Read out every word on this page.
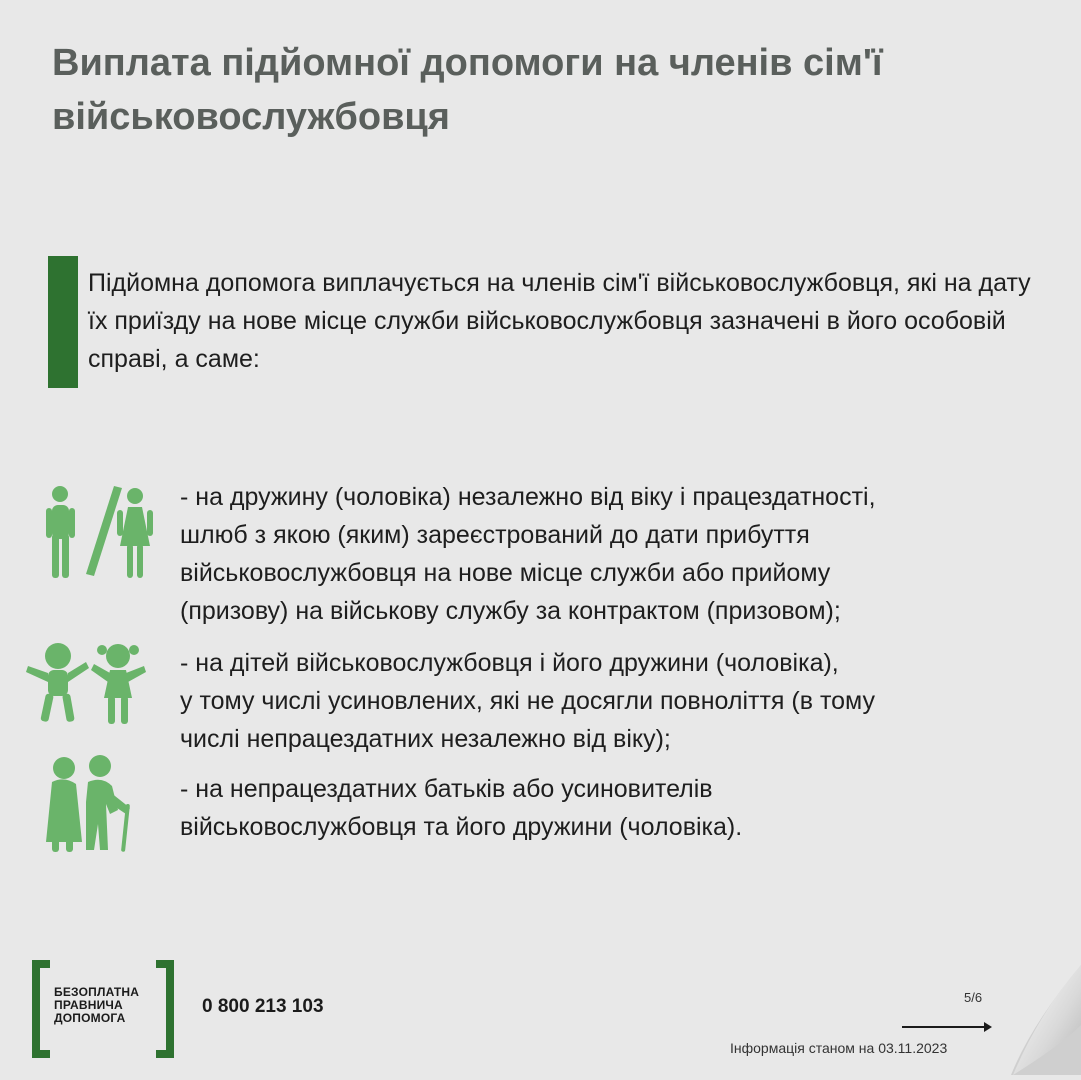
Виплата підйомної допомоги на членів сім'ї військовослужбовця

Підйомна допомога виплачується на членів сім'ї військовослужбовця, які на дату їх приїзду на нове місце служби військовослужбовця зазначені в його особовій справі, а саме:

- на дружину (чоловіка) незалежно від віку і працездатності,
шлюб з якою (яким) зареєстрований до дати прибуття
військовослужбовця на нове місце служби або прийому
(призову) на військову службу за контрактом (призовом);

- на дітей військовослужбовця і його дружини (чоловіка),
у тому числі усиновлених, які не досягли повноліття (в тому
числі непрацездатних незалежно від віку);

- на непрацездатних батьків або усиновителів
військовослужбовця та його дружини (чоловіка).

БЕЗОПЛАТНА
ПРАВНИЧА
ДОПОМОГА
0 800 213 103	5/6
Інформація станом на 03.11.2023
